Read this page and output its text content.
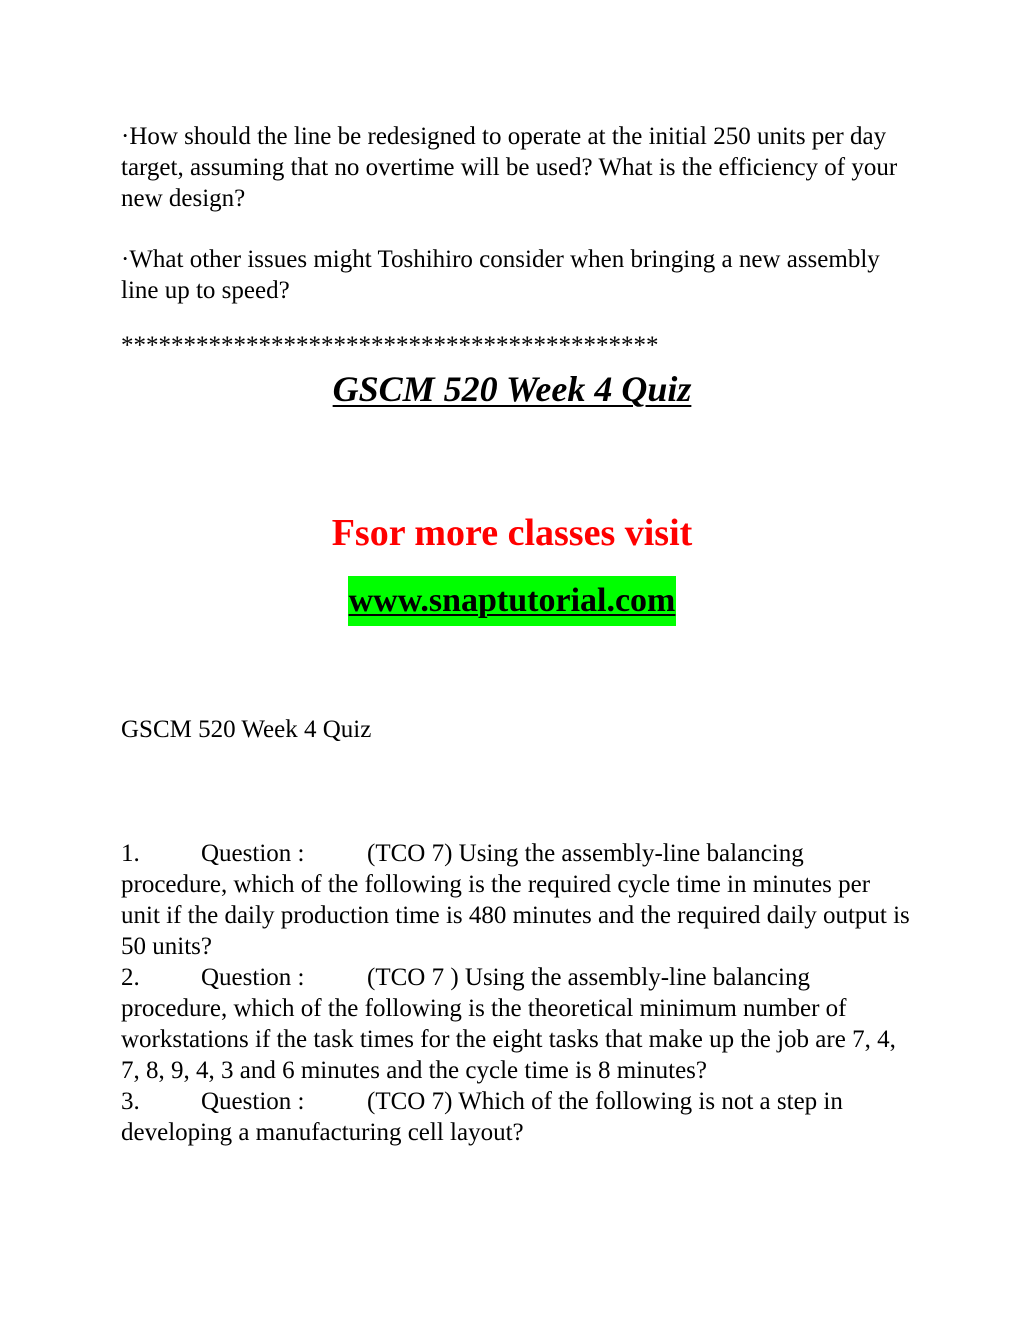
·How should the line be redesigned to operate at the initial 250 units per day target, assuming that no overtime will be used? What is the efficiency of your new design?

·What other issues might Toshihiro consider when bringing a new assembly line up to speed?

*******************************************

GSCM 520 Week 4 Quiz

Fsor more classes visit

www.snaptutorial.com

GSCM 520 Week 4 Quiz

1. Question :	(TCO 7) Using the assembly-line balancing procedure, which of the following is the required cycle time in minutes per unit if the daily production time is 480 minutes and the required daily output is 50 units?

2. Question :	(TCO 7 ) Using the assembly-line balancing procedure, which of the following is the theoretical minimum number of workstations if the task times for the eight tasks that make up the job are 7, 4, 7, 8, 9, 4, 3 and 6 minutes and the cycle time is 8 minutes?

3. Question :	(TCO 7) Which of the following is not a step in developing a manufacturing cell layout?
